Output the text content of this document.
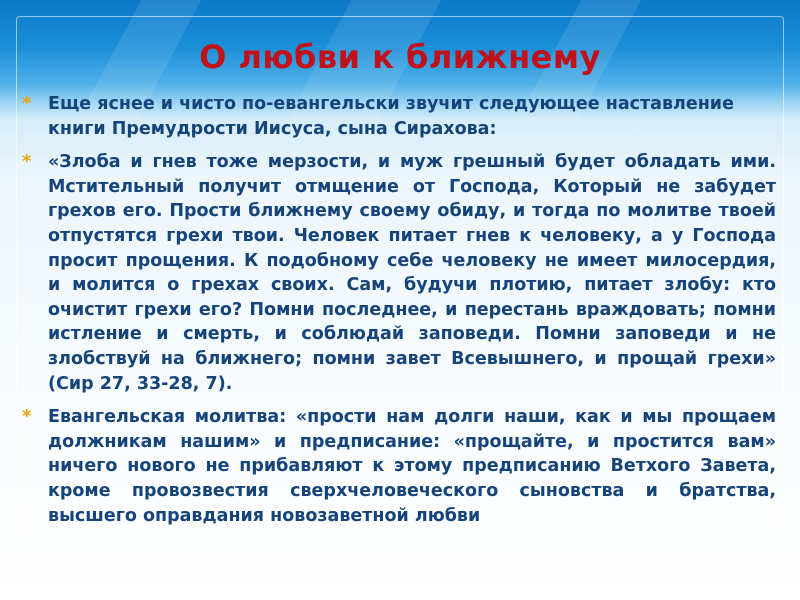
О любви к ближнему

* Еще яснее и чисто по-евангельски звучит следующее наставление книги Премудрости Иисуса, сына Сирахова:

* «Злоба и гнев тоже мерзости, и муж грешный будет обладать ими. Мстительный получит отмщение от Господа, Который не забудет грехов его. Прости ближнему своему обиду, и тогда по молитве твоей отпустятся грехи твои. Человек питает гнев к человеку, а у Господа просит прощения. К подобному себе человеку не имеет милосердия, и молится о грехах своих. Сам, будучи плотию, питает злобу: кто очистит грехи его? Помни последнее, и перестань враждовать; помни истление и смерть, и соблюдай заповеди. Помни заповеди и не злобствуй на ближнего; помни завет Всевышнего, и прощай грехи» (Сир 27, 33-28, 7).

* Евангельская молитва: «прости нам долги наши, как и мы прощаем должникам нашим» и предписание: «прощайте, и простится вам» ничего нового не прибавляют к этому предписанию Ветхого Завета, кроме провозвестия сверхчеловеческого сыновства и братства, высшего оправдания новозаветной любви
